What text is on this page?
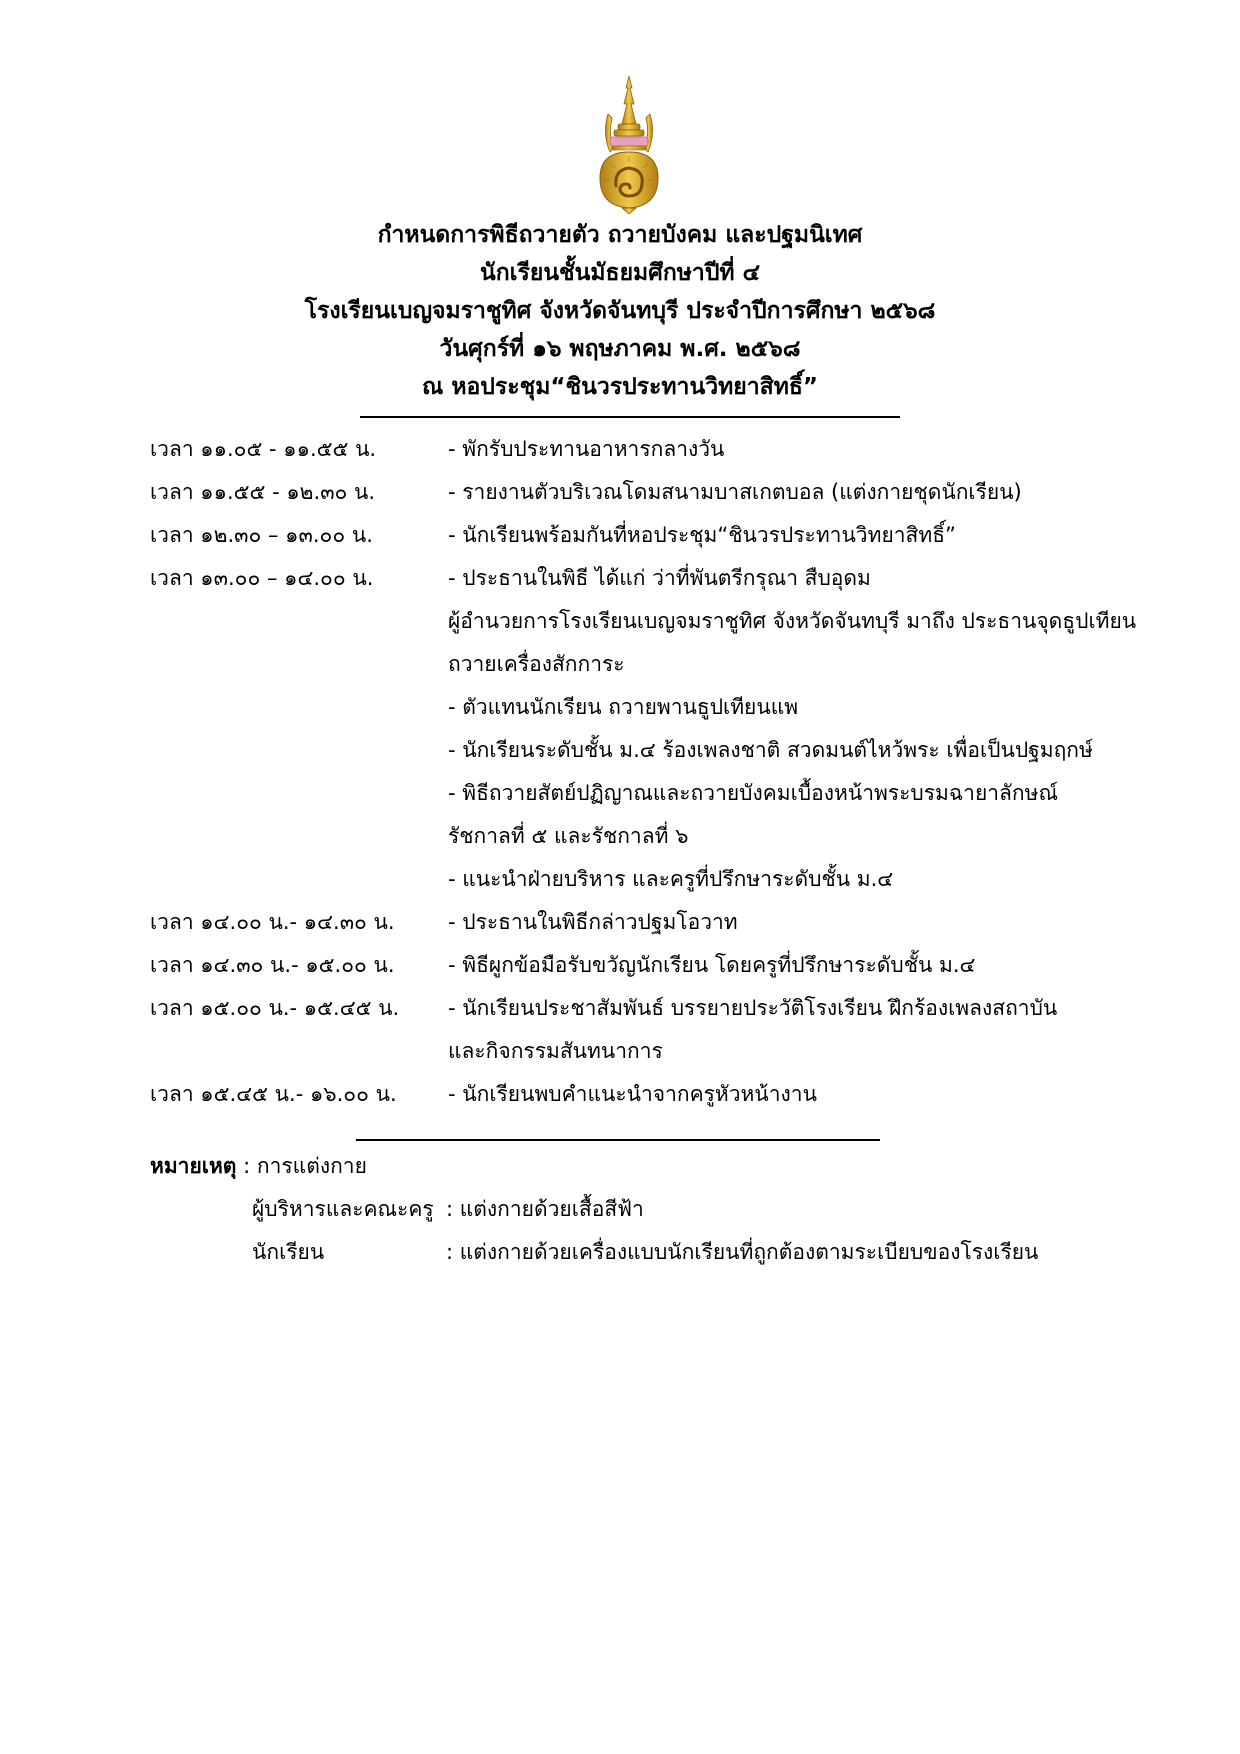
กำหนดการพิธีถวายตัว ถวายบังคม และปฐมนิเทศ
นักเรียนชั้นมัธยมศึกษาปีที่ ๔
โรงเรียนเบญจมราชูทิศ จังหวัดจันทบุรี ประจำปีการศึกษา ๒๕๖๘
วันศุกร์ที่ ๑๖ พฤษภาคม พ.ศ. ๒๕๖๘
ณ หอประชุม“ชินวรประทานวิทยาสิทธิ์”
เวลา ๑๑.๐๕ - ๑๑.๕๕ น.	- พักรับประทานอาหารกลางวัน
เวลา ๑๑.๕๕ - ๑๒.๓๐ น.	- รายงานตัวบริเวณโดมสนามบาสเกตบอล (แต่งกายชุดนักเรียน)
เวลา ๑๒.๓๐ – ๑๓.๐๐ น.	- นักเรียนพร้อมกันที่หอประชุม“ชินวรประทานวิทยาสิทธิ์”
เวลา ๑๓.๐๐ – ๑๔.๐๐ น.	- ประธานในพิธี ได้แก่ ว่าที่พันตรีกรุณา สืบอุดม
ผู้อำนวยการโรงเรียนเบญจมราชูทิศ จังหวัดจันทบุรี มาถึง ประธานจุดธูปเทียน
ถวายเครื่องสักการะ
- ตัวแทนนักเรียน ถวายพานธูปเทียนแพ
- นักเรียนระดับชั้น ม.๔ ร้องเพลงชาติ สวดมนต์ไหว้พระ เพื่อเป็นปฐมฤกษ์
- พิธีถวายสัตย์ปฏิญาณและถวายบังคมเบื้องหน้าพระบรมฉายาลักษณ์
รัชกาลที่ ๕ และรัชกาลที่ ๖
- แนะนำฝ่ายบริหาร และครูที่ปรึกษาระดับชั้น ม.๔
เวลา ๑๔.๐๐ น.- ๑๔.๓๐ น.	- ประธานในพิธีกล่าวปฐมโอวาท
เวลา ๑๔.๓๐ น.- ๑๕.๐๐ น.	- พิธีผูกข้อมือรับขวัญนักเรียน โดยครูที่ปรึกษาระดับชั้น ม.๔
เวลา ๑๕.๐๐ น.- ๑๕.๔๕ น. - นักเรียนประชาสัมพันธ์ บรรยายประวัติโรงเรียน ฝึกร้องเพลงสถาบัน
และกิจกรรมสันทนาการ
เวลา ๑๕.๔๕ น.- ๑๖.๐๐ น. - นักเรียนพบคำแนะนำจากครูหัวหน้างาน
หมายเหตุ : การแต่งกาย
ผู้บริหารและคณะครู : แต่งกายด้วยเสื้อสีฟ้า
นักเรียน	: แต่งกายด้วยเครื่องแบบนักเรียนที่ถูกต้องตามระเบียบของโรงเรียน
